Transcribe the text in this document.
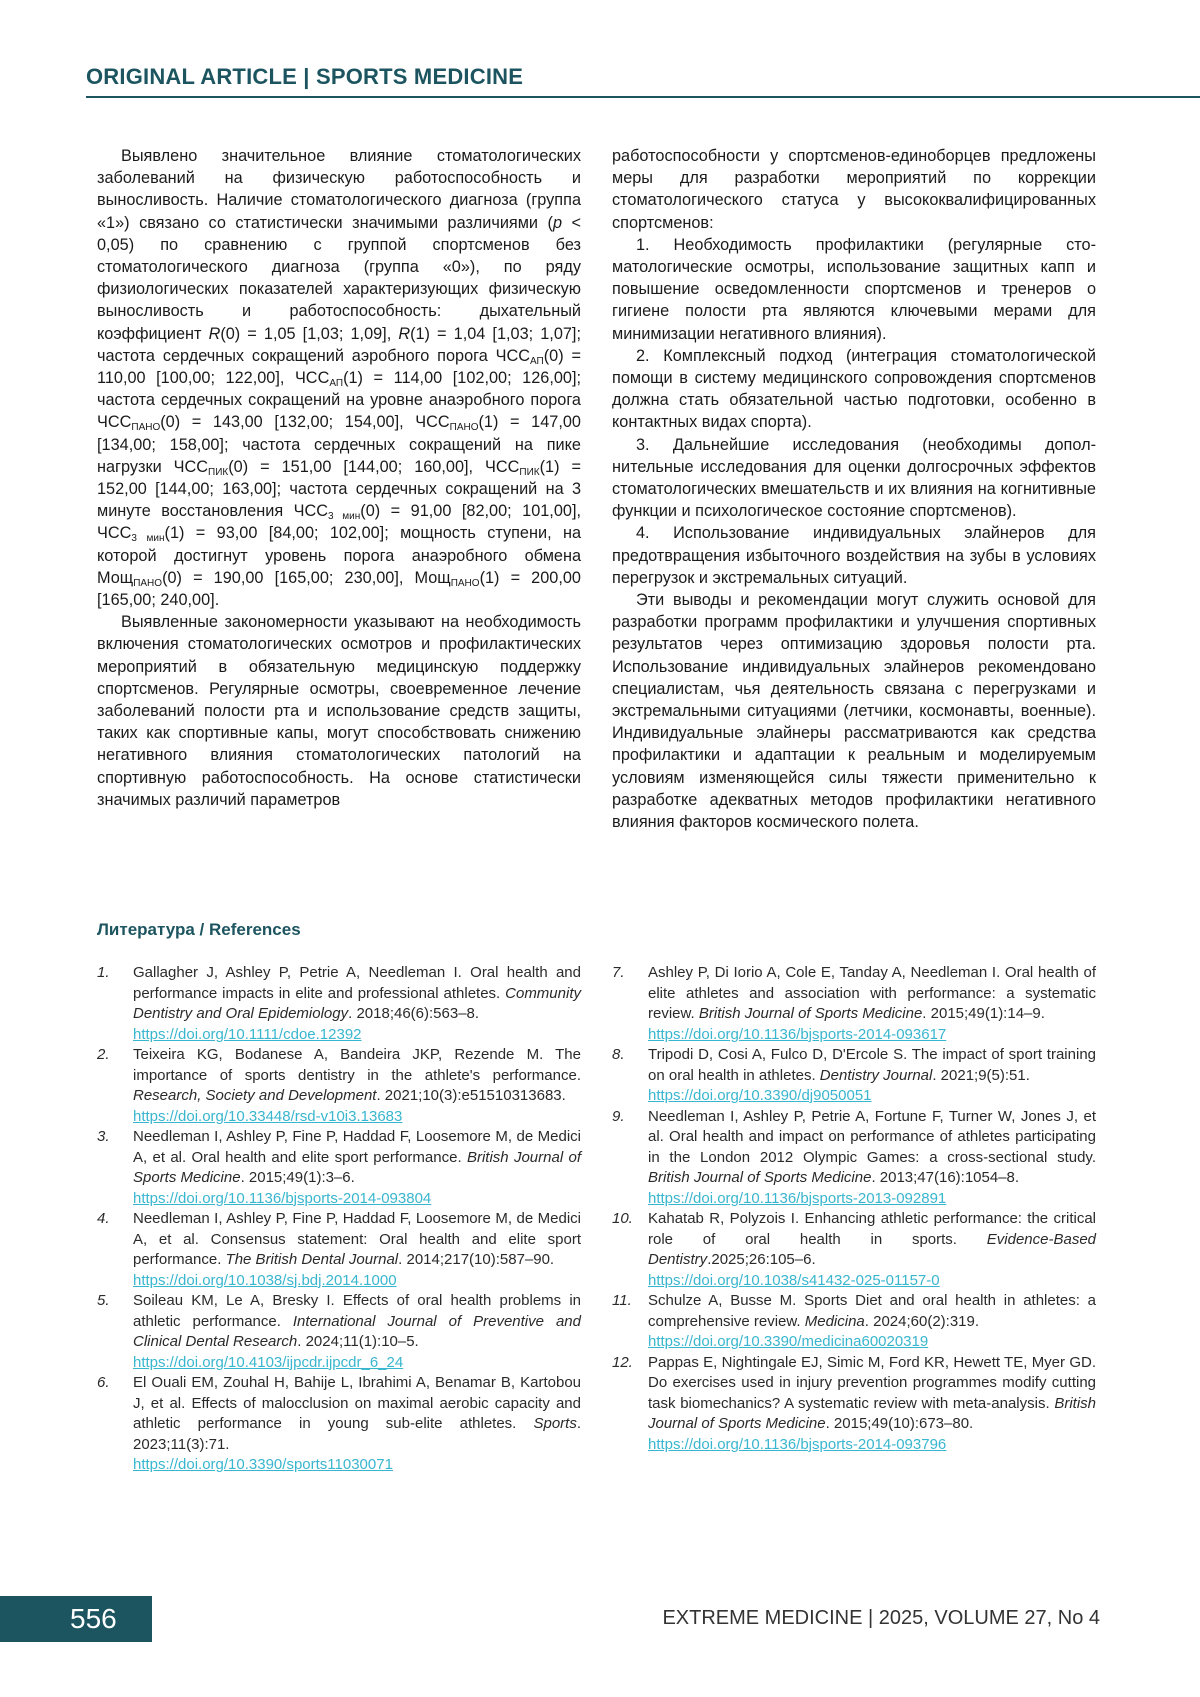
ORIGINAL ARTICLE | SPORTS MEDICINE

Выявлено значительное влияние стоматологических заболеваний на физическую работоспособность и выносливость. Наличие стоматологического диагноза (группа «1») связано со статистически значимыми различиями (p < 0,05) по сравнению с группой спортсменов без стоматологического диагноза (группа «0»), по ряду физиологических показателей характеризующих физическую выносливость и работоспособность: дыхательный коэффициент R(0) = 1,05 [1,03; 1,09], R(1) = 1,04 [1,03; 1,07]; частота сердечных сокращений аэробного порога $ЧСС_{АП}(0) = 110,00$ [100,00; 122,00], $ЧСС_{АП}(1) = 114,00$ [102,00; 126,00]; частота сердечных сокращений на уровне анаэробного порога $ЧСС_{ПАНО}(0) = 143,00$ [132,00; 154,00], $ЧСС_{ПАНО}(1) = 147,00$ [134,00; 158,00]; частота сердечных сокращений на пике нагрузки $ЧСС_{ПИК}(0) = 151,00$ [144,00; 160,00], $ЧСС_{ПИК}(1) = 152,00$ [144,00; 163,00]; частота сердечных сокращений на 3 минуте восстановления $ЧСС_{3 мин}(0) = 91,00$ [82,00; 101,00], $ЧСС_{3 мин}(1) = 93,00$ [84,00; 102,00]; мощность ступени, на которой достигнут уровень порога анаэробного обмена Мощ$_{ПАНО}$(0) = 190,00 [165,00; 230,00], Мощ$_{ПАНО}$(1) = 200,00 [165,00; 240,00].

Выявленные закономерности указывают на необходимость включения стоматологических осмотров и профилактических мероприятий в обязательную медицинскую поддержку спортсменов. Регулярные осмотры, своевременное лечение заболеваний полости рта и использование средств защиты, таких как спортивные капы, могут способствовать снижению негативного влияния стоматологических патологий на спортивную работоспособность. На основе статистически значимых различий параметров

работоспособности у спортсменов-единоборцев предложены меры для разработки мероприятий по коррекции стоматологического статуса у высококвалифицированных спортсменов:

1. Необходимость профилактики (регулярные стоматологические осмотры, использование защитных капп и повышение осведомленности спортсменов и тренеров о гигиене полости рта являются ключевыми мерами для минимизации негативного влияния).

2. Комплексный подход (интеграция стоматологической помощи в систему медицинского сопровождения спортсменов должна стать обязательной частью подготовки, особенно в контактных видах спорта).

3. Дальнейшие исследования (необходимы дополнительные исследования для оценки долгосрочных эффектов стоматологических вмешательств и их влияния на когнитивные функции и психологическое состояние спортсменов).

4. Использование индивидуальных элайнеров для предотвращения избыточного воздействия на зубы в условиях перегрузок и экстремальных ситуаций.

Эти выводы и рекомендации могут служить основой для разработки программ профилактики и улучшения спортивных результатов через оптимизацию здоровья полости рта. Использование индивидуальных элайнеров рекомендовано специалистам, чья деятельность связана с перегрузками и экстремальными ситуациями (летчики, космонавты, военные). Индивидуальные элайнеры рассматриваются как средства профилактики и адаптации к реальным и моделируемым условиям изменяющейся силы тяжести применительно к разработке адекватных методов профилактики негативного влияния факторов космического полета.

Литература / References
1.	Gallagher J, Ashley P, Petrie A, Needleman I. Oral health and performance impacts in elite and professional athletes. Community Dentistry and Oral Epidemiology. 2018;46(6):563–8.
https://doi.org/10.1111/cdoe.12392
2.	Teixeira KG, Bodanese A, Bandeira JKP, Rezende M. The importance of sports dentistry in the athlete's performance. Research, Society and Development. 2021;10(3):e51510313683.
https://doi.org/10.33448/rsd-v10i3.13683
3.	Needleman I, Ashley P, Fine P, Haddad F, Loosemore M, de Medici A, et al. Oral health and elite sport performance. British Journal of Sports Medicine. 2015;49(1):3–6.
https://doi.org/10.1136/bjsports-2014-093804
4.	Needleman I, Ashley P, Fine P, Haddad F, Loosemore M, de Medici A, et al. Consensus statement: Oral health and elite sport performance. The British Dental Journal. 2014;217(10):587–90.
https://doi.org/10.1038/sj.bdj.2014.1000
5.	Soileau KM, Le A, Bresky I. Effects of oral health problems in athletic performance. International Journal of Preventive and Clinical Dental Research. 2024;11(1):10–5.
https://doi.org/10.4103/ijpcdr.ijpcdr_6_24
6.	El Ouali EM, Zouhal H, Bahije L, Ibrahimi A, Benamar B, Kartobou J, et al. Effects of malocclusion on maximal aerobic capacity and athletic performance in young sub-elite athletes. Sports. 2023;11(3):71.
https://doi.org/10.3390/sports11030071
7.	Ashley P, Di Iorio A, Cole E, Tanday A, Needleman I. Oral health of elite athletes and association with performance: a systematic review. British Journal of Sports Medicine. 2015;49(1):14–9.
https://doi.org/10.1136/bjsports-2014-093617
8.	Tripodi D, Cosi A, Fulco D, D'Ercole S. The impact of sport training on oral health in athletes. Dentistry Journal. 2021;9(5):51.
https://doi.org/10.3390/dj9050051
9.	Needleman I, Ashley P, Petrie A, Fortune F, Turner W, Jones J, et al. Oral health and impact on performance of athletes participating in the London 2012 Olympic Games: a cross-sectional study. British Journal of Sports Medicine. 2013;47(16):1054–8.
https://doi.org/10.1136/bjsports-2013-092891
10.	Kahatab R, Polyzois I. Enhancing athletic performance: the critical role of oral health in sports. Evidence-Based Dentistry.2025;26:105–6.
https://doi.org/10.1038/s41432-025-01157-0
11.	Schulze A, Busse M. Sports Diet and oral health in athletes: a comprehensive review. Medicina. 2024;60(2):319.
https://doi.org/10.3390/medicina60020319
12.	Pappas E, Nightingale EJ, Simic M, Ford KR, Hewett TE, Myer GD. Do exercises used in injury prevention programmes modify cutting task biomechanics? A systematic review with meta-analysis. British Journal of Sports Medicine. 2015;49(10):673–80.
https://doi.org/10.1136/bjsports-2014-093796
556	EXTREME MEDICINE | 2025, VOLUME 27, No 4
